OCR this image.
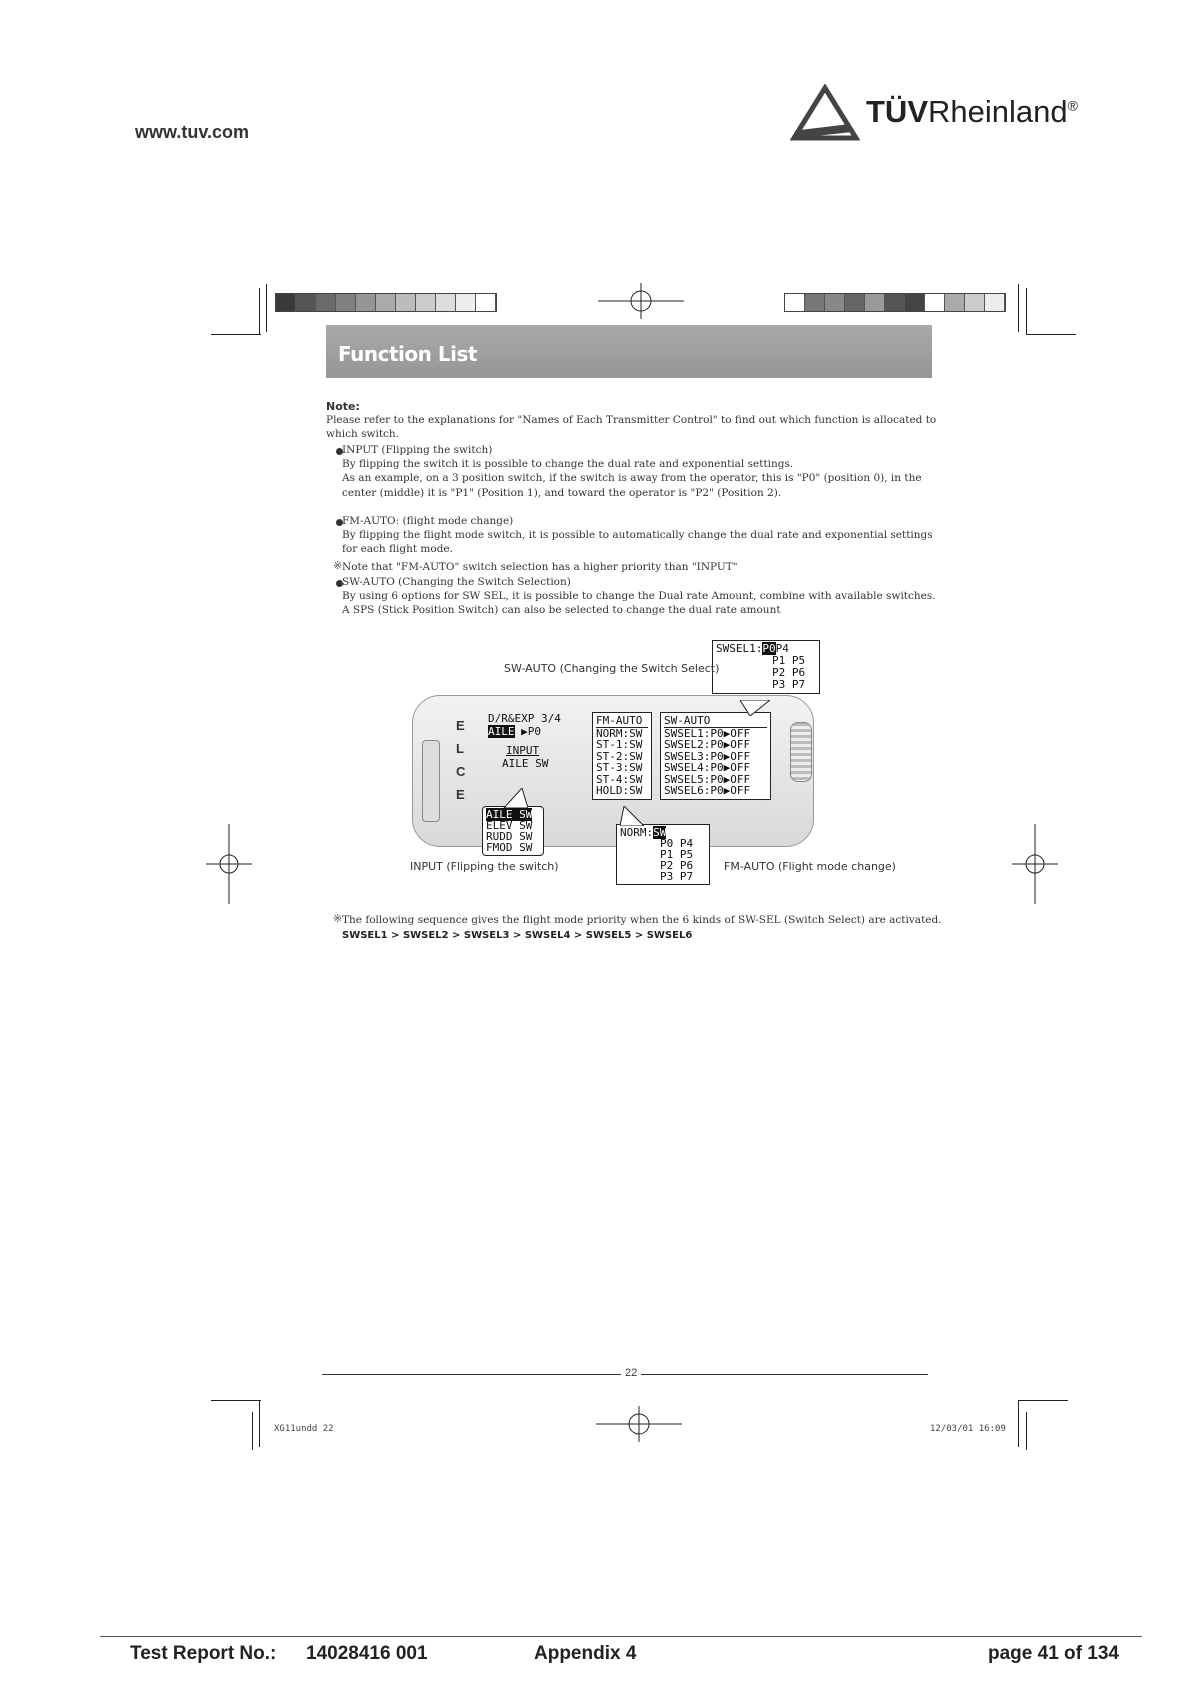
www.tuv.com
TÜVRheinland®
Function List
Note:
Please refer to the explanations for "Names of Each Transmitter Control" to find out which function is allocated to
which switch.
INPUT (Flipping the switch)
By flipping the switch it is possible to change the dual rate and exponential settings.
As an example, on a 3 position switch, if the switch is away from the operator, this is "P0" (position 0), in the
center (middle) it is "P1" (Position 1), and toward the operator is "P2" (Position 2).
FM-AUTO: (flight mode change)
By flipping the flight mode switch, it is possible to automatically change the dual rate and exponential settings
for each flight mode.
※ Note that "FM-AUTO" switch selection has a higher priority than "INPUT"
SW-AUTO (Changing the Switch Selection)
By using 6 options for SW SEL, it is possible to change the Dual rate Amount, combine with available switches.
A SPS (Stick Position Switch) can also be selected to change the dual rate amount
E
L
C
E
D/R&EXP 3/4
AILE ▶P0
INPUT
AILE SW
FM-AUTO
NORM:SW
ST-1:SW
ST-2:SW
ST-3:SW
ST-4:SW
HOLD:SW
SW-AUTO
SWSEL1:P0▶OFF
SWSEL2:P0▶OFF
SWSEL3:P0▶OFF
SWSEL4:P0▶OFF
SWSEL5:P0▶OFF
SWSEL6:P0▶OFF
SWSEL1:P0P4
P1 P5
P2 P6
P3 P7
SW-AUTO (Changing the Switch Select)
AILE SW
ELEV SW
RUDD SW
FMOD SW
INPUT (Flipping the switch)
NORM:SW
P0 P4
P1 P5
P2 P6
P3 P7
FM-AUTO (Flight mode change)
※ The following sequence gives the flight mode priority when the 6 kinds of SW-SEL (Switch Select) are activated.
SWSEL1 > SWSEL2 > SWSEL3 > SWSEL4 > SWSEL5 > SWSEL6
22
XG11undd 22	12/03/01 16:09
Test Report No.: 14028416 001	Appendix 4	page 41 of 134
